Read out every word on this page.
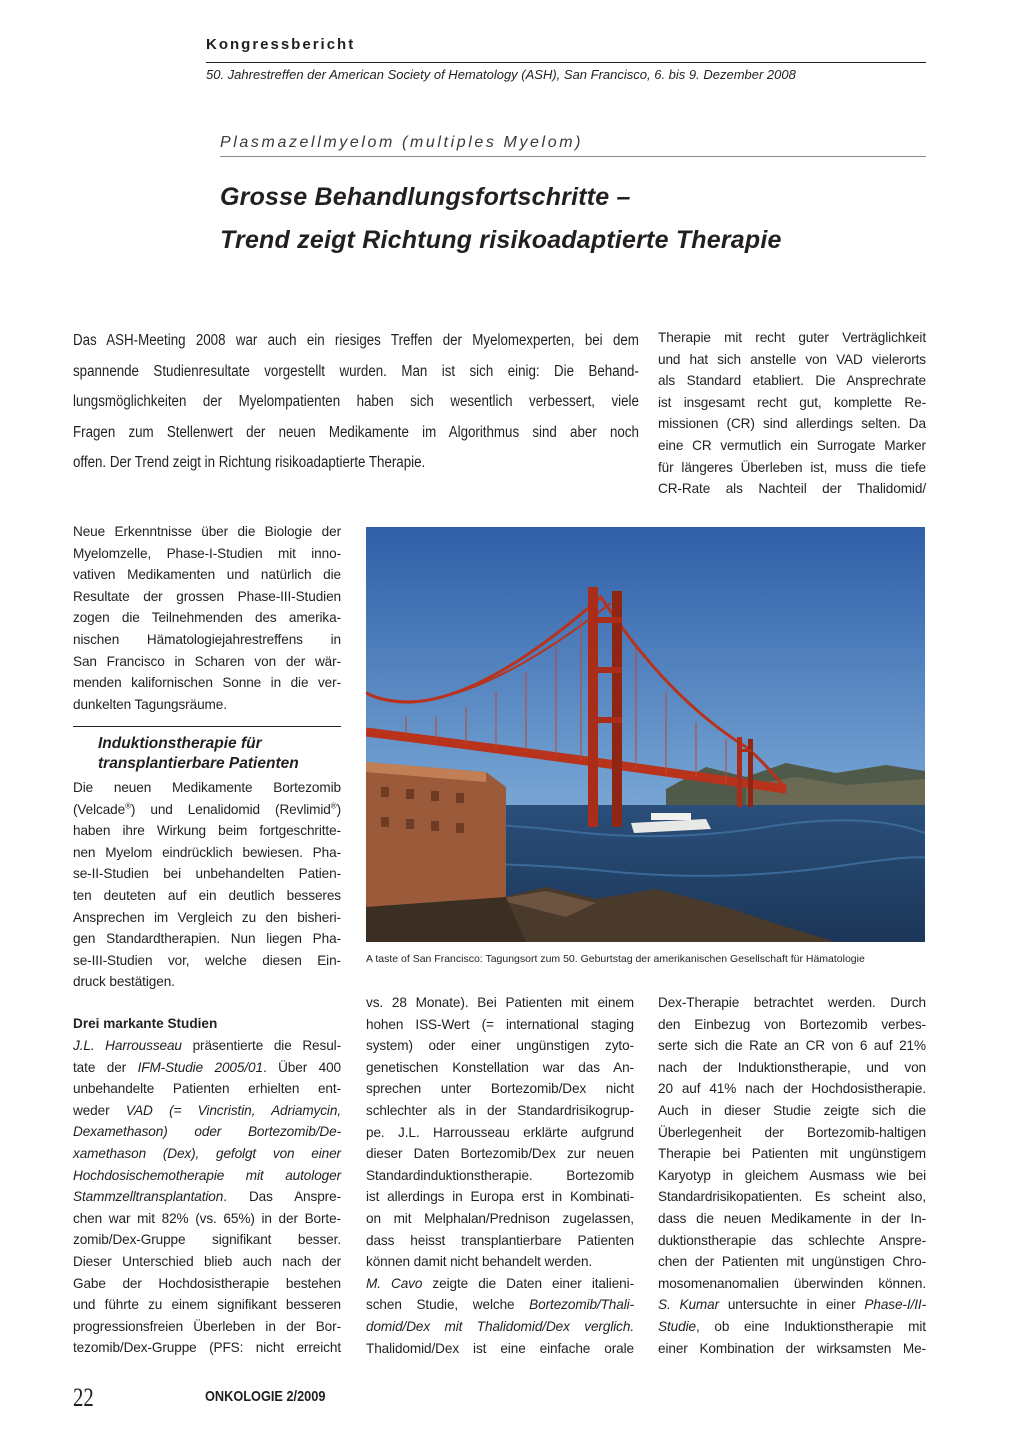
Kongressbericht
50. Jahrestreffen der American Society of Hematology (ASH), San Francisco, 6. bis 9. Dezember 2008
Plasmazellmyelom (multiples Myelom)
Grosse Behandlungsfortschritte –
Trend zeigt Richtung risikoadaptierte Therapie
Das ASH-Meeting 2008 war auch ein riesiges Treffen der Myelomexperten, bei dem
spannende Studienresultate vorgestellt wurden. Man ist sich einig: Die Behand-
lungsmöglichkeiten der Myelompatienten haben sich wesentlich verbessert, viele
Fragen zum Stellenwert der neuen Medikamente im Algorithmus sind aber noch
offen. Der Trend zeigt in Richtung risikoadaptierte Therapie.
Therapie mit recht guter Verträglichkeit
und hat sich anstelle von VAD vielerorts
als Standard etabliert. Die Ansprechrate
ist insgesamt recht gut, komplette Re-
missionen (CR) sind allerdings selten. Da
eine CR vermutlich ein Surrogate Marker
für längeres Überleben ist, muss die tiefe
CR-Rate als Nachteil der Thalidomid/
Neue Erkenntnisse über die Biologie der
Myelomzelle, Phase-I-Studien mit inno-
vativen Medikamenten und natürlich die
Resultate der grossen Phase-III-Studien
zogen die Teilnehmenden des amerika-
nischen Hämatologiejahrestreffens in
San Francisco in Scharen von der wär-
menden kalifornischen Sonne in die ver-
dunkelten Tagungsräume.
Induktionstherapie für
transplantierbare Patienten
Die neuen Medikamente Bortezomib
(Velcade®) und Lenalidomid (Revlimid®)
haben ihre Wirkung beim fortgeschritte-
nen Myelom eindrücklich bewiesen. Pha-
se-II-Studien bei unbehandelten Patien-
ten deuteten auf ein deutlich besseres
Ansprechen im Vergleich zu den bisheri-
gen Standardtherapien. Nun liegen Pha-
se-III-Studien vor, welche diesen Ein-
druck bestätigen.
Drei markante Studien
J.L. Harrousseau präsentierte die Resul-
tate der IFM-Studie 2005/01. Über 400
unbehandelte Patienten erhielten ent-
weder VAD (= Vincristin, Adriamycin,
Dexamethason) oder Bortezomib/De-
xamethason (Dex), gefolgt von einer
Hochdosischemotherapie mit autologer
Stammzelltransplantation. Das Anspre-
chen war mit 82% (vs. 65%) in der Borte-
zomib/Dex-Gruppe signifikant besser.
Dieser Unterschied blieb auch nach der
Gabe der Hochdosistherapie bestehen
und führte zu einem signifikant besseren
progressionsfreien Überleben in der Bor-
tezomib/Dex-Gruppe (PFS: nicht erreicht
A taste of San Francisco: Tagungsort zum 50. Geburtstag der amerikanischen Gesellschaft für Hämatologie
vs. 28 Monate). Bei Patienten mit einem
hohen ISS-Wert (= international staging
system) oder einer ungünstigen zyto-
genetischen Konstellation war das An-
sprechen unter Bortezomib/Dex nicht
schlechter als in der Standardrisikogrup-
pe. J.L. Harrousseau erklärte aufgrund
dieser Daten Bortezomib/Dex zur neuen
Standardinduktionstherapie. Bortezomib
ist allerdings in Europa erst in Kombinati-
on mit Melphalan/Prednison zugelassen,
dass heisst transplantierbare Patienten
können damit nicht behandelt werden.
M. Cavo zeigte die Daten einer italieni-
schen Studie, welche Bortezomib/Thali-
domid/Dex mit Thalidomid/Dex verglich.
Thalidomid/Dex ist eine einfache orale
Dex-Therapie betrachtet werden. Durch
den Einbezug von Bortezomib verbes-
serte sich die Rate an CR von 6 auf 21%
nach der Induktionstherapie, und von
20 auf 41% nach der Hochdosistherapie.
Auch in dieser Studie zeigte sich die
Überlegenheit der Bortezomib-haltigen
Therapie bei Patienten mit ungünstigem
Karyotyp in gleichem Ausmass wie bei
Standardrisikopatienten. Es scheint also,
dass die neuen Medikamente in der In-
duktionstherapie das schlechte Anspre-
chen der Patienten mit ungünstigen Chro-
mosomenanomalien überwinden können.
S. Kumar untersuchte in einer Phase-I/II-
Studie, ob eine Induktionstherapie mit
einer Kombination der wirksamsten Me-
22	ONKOLOGIE 2/2009
